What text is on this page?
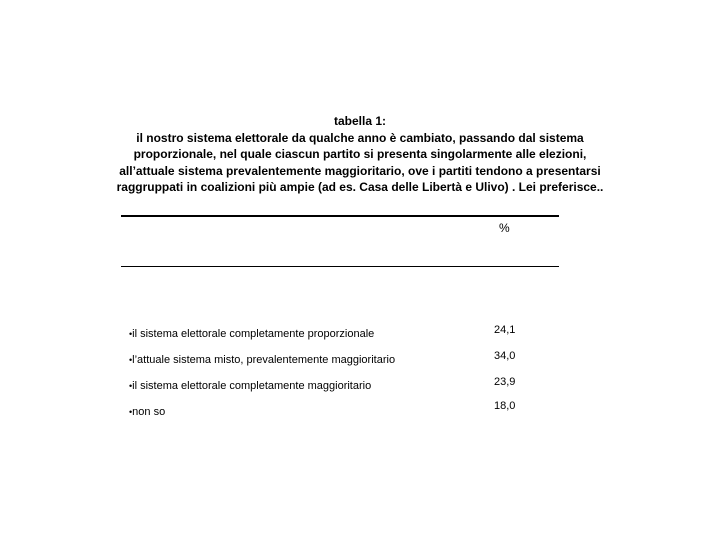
tabella 1:
il nostro sistema elettorale da qualche anno è cambiato, passando dal sistema
proporzionale, nel quale ciascun partito si presenta singolarmente alle elezioni,
all’attuale sistema prevalentemente maggioritario, ove i partiti tendono a presentarsi
raggruppati in coalizioni più ampie (ad es. Casa delle Libertà e Ulivo) . Lei preferisce..
%
•il sistema elettorale completamente proporzionale	24,1
•l’attuale sistema misto, prevalentemente maggioritario	34,0
•il sistema elettorale completamente maggioritario	23,9
•non so	18,0
